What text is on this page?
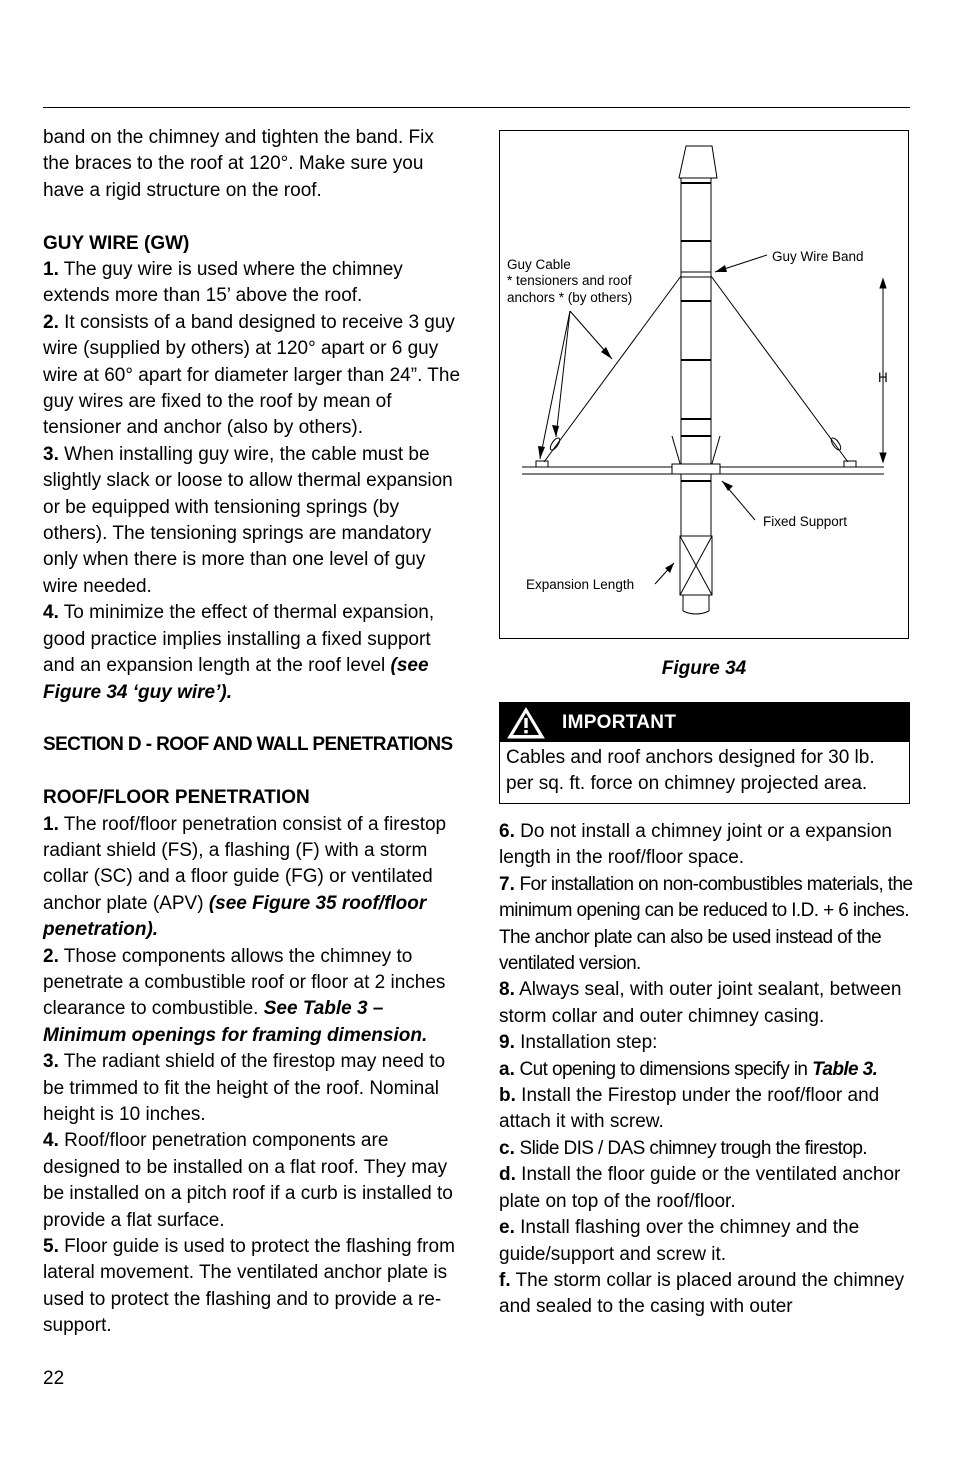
band on the chimney and tighten the band. Fix the braces to the roof at 120°. Make sure you have a rigid structure on the roof.

GUY WIRE (GW)

1. The guy wire is used where the chimney extends more than 15’ above the roof.

2. It consists of a band designed to receive 3 guy wire (supplied by others) at 120° apart or 6 guy wire at 60° apart for diameter larger than 24”. The guy wires are fixed to the roof by mean of tensioner and anchor (also by others).

3. When installing guy wire, the cable must be slightly slack or loose to allow thermal expansion or be equipped with tensioning springs (by others). The tensioning springs are mandatory only when there is more than one level of guy wire needed.

4. To minimize the effect of thermal expansion, good practice implies installing a fixed support and an expansion length at the roof level (see Figure 34 ‘guy wire’).

SECTION D - ROOF AND WALL PENETRATIONS

ROOF/FLOOR PENETRATION

1. The roof/floor penetration consist of a firestop radiant shield (FS), a flashing (F) with a storm collar (SC) and a floor guide (FG) or ventilated anchor plate (APV) (see Figure 35 roof/floor penetration).

2. Those components allows the chimney to penetrate a combustible roof or floor at 2 inches clearance to combustible. See Table 3 – Minimum openings for framing dimension.

3. The radiant shield of the firestop may need to be trimmed to fit the height of the roof. Nominal height is 10 inches.

4. Roof/floor penetration components are designed to be installed on a flat roof. They may be installed on a pitch roof if a curb is installed to provide a flat surface.

5. Floor guide is used to protect the flashing from lateral movement. The ventilated anchor plate is used to protect the flashing and to provide a re-support.

Guy Cable
* tensioners and roof
anchors * (by others)
Guy Wire Band
H
Fixed Support
Expansion Length
Figure 34
IMPORTANT
Cables and roof anchors designed for 30 lb. per sq. ft. force on chimney projected area.

6. Do not install a chimney joint or a expansion length in the roof/floor space.

7. For installation on non-combustibles materials, the minimum opening can be reduced to I.D. + 6 inches. The anchor plate can also be used instead of the ventilated version.

8. Always seal, with outer joint sealant, between storm collar and outer chimney casing.

9. Installation step:

a. Cut opening to dimensions specify in Table 3.

b. Install the Firestop under the roof/floor and attach it with screw.

c. Slide DIS / DAS chimney trough the firestop.

d. Install the floor guide or the ventilated anchor plate on top of the roof/floor.

e. Install flashing over the chimney and the guide/support and screw it.

f. The storm collar is placed around the chimney and sealed to the casing with outer

22
